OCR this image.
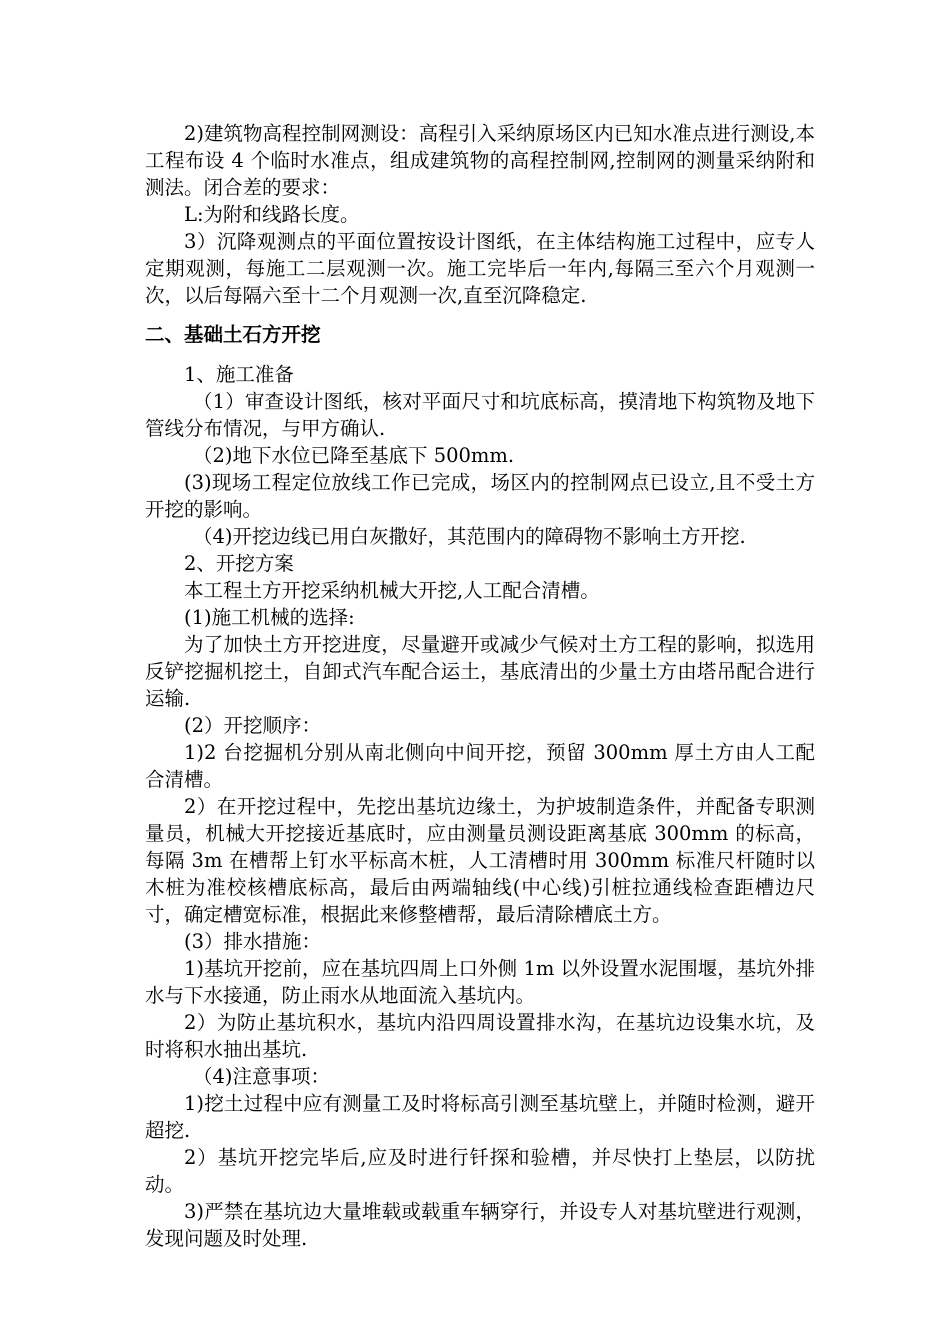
2)建筑物高程控制网测设：高程引入采纳原场区内已知水准点进行测设,本工程布设 4 个临时水准点，组成建筑物的高程控制网,控制网的测量采纳附和测法。闭合差的要求：

L:为附和线路长度。

3）沉降观测点的平面位置按设计图纸，在主体结构施工过程中，应专人定期观测，每施工二层观测一次。施工完毕后一年内,每隔三至六个月观测一次，以后每隔六至十二个月观测一次,直至沉降稳定.

二、基础土石方开挖

1、施工准备

（1）审查设计图纸，核对平面尺寸和坑底标高，摸清地下构筑物及地下管线分布情况，与甲方确认.

（2)地下水位已降至基底下 500mm.

(3)现场工程定位放线工作已完成，场区内的控制网点已设立,且不受土方开挖的影响。

（4)开挖边线已用白灰撒好，其范围内的障碍物不影响土方开挖.

2、开挖方案

本工程土方开挖采纳机械大开挖,人工配合清槽。

(1)施工机械的选择:

为了加快土方开挖进度，尽量避开或减少气候对土方工程的影响，拟选用反铲挖掘机挖土，自卸式汽车配合运土，基底清出的少量土方由塔吊配合进行运输.

(2）开挖顺序：

1)2 台挖掘机分别从南北侧向中间开挖，预留 300mm 厚土方由人工配合清槽。

2）在开挖过程中，先挖出基坑边缘土，为护坡制造条件，并配备专职测量员，机械大开挖接近基底时，应由测量员测设距离基底 300mm 的标高，每隔 3m 在槽帮上钉水平标高木桩，人工清槽时用 300mm 标准尺杆随时以木桩为准校核槽底标高，最后由两端轴线(中心线)引桩拉通线检查距槽边尺寸，确定槽宽标准，根据此来修整槽帮，最后清除槽底土方。

(3）排水措施：

1)基坑开挖前，应在基坑四周上口外侧 1m 以外设置水泥围堰，基坑外排水与下水接通，防止雨水从地面流入基坑内。

2）为防止基坑积水，基坑内沿四周设置排水沟，在基坑边设集水坑，及时将积水抽出基坑.

（4)注意事项：

1)挖土过程中应有测量工及时将标高引测至基坑壁上，并随时检测，避开超挖.

2）基坑开挖完毕后,应及时进行钎探和验槽，并尽快打上垫层，以防扰动。

3)严禁在基坑边大量堆载或载重车辆穿行，并设专人对基坑壁进行观测，发现问题及时处理.
